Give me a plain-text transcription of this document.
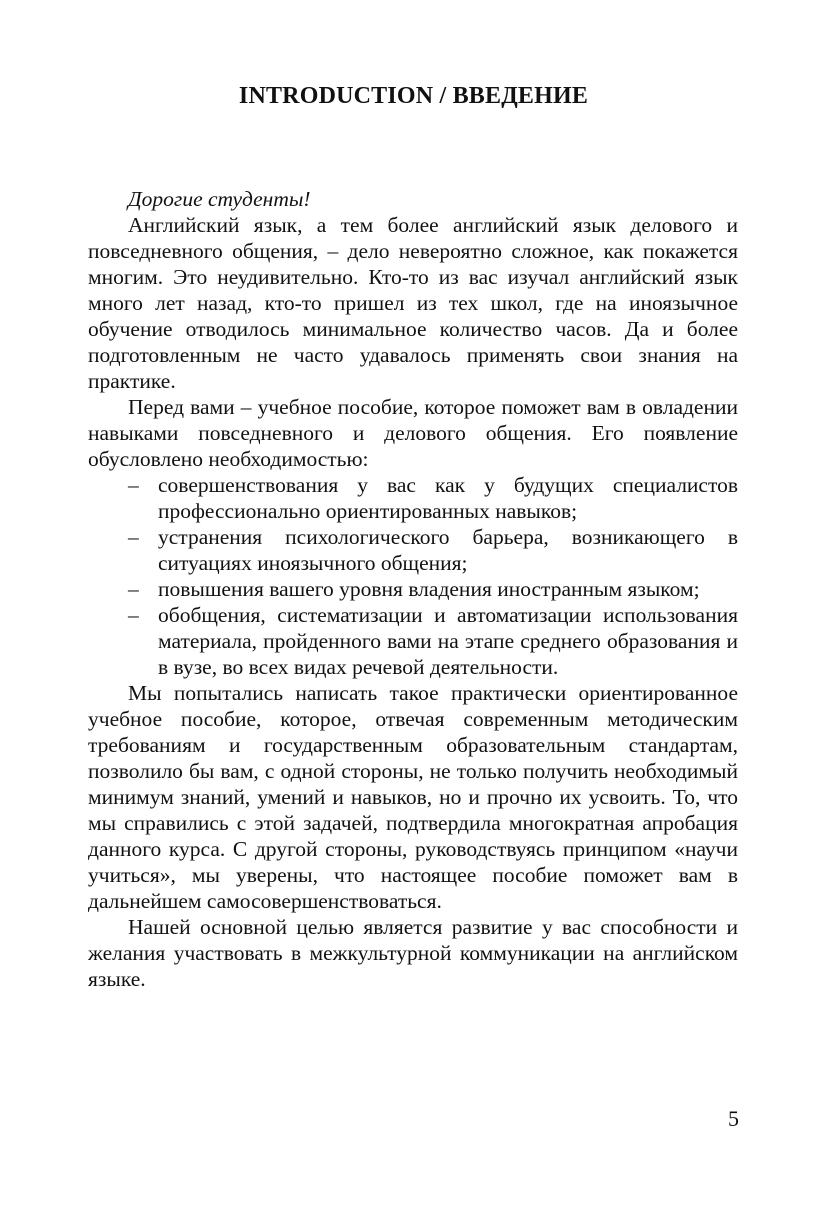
INTRODUCTION / ВВЕДЕНИЕ

Дорогие студенты!

Английский язык, а тем более английский язык делового и повседневного общения, – дело невероятно сложное, как покажется многим. Это неудивительно. Кто-то из вас изучал английский язык много лет назад, кто-то пришел из тех школ, где на иноязычное обучение отводилось минимальное количество часов. Да и более подготовленным не часто удавалось применять свои знания на практике.

Перед вами – учебное пособие, которое поможет вам в овладении навыками повседневного и делового общения. Его появление обусловлено необходимостью:

– совершенствования у вас как у будущих специалистов профессионально ориентированных навыков;
– устранения психологического барьера, возникающего в ситуациях иноязычного общения;
– повышения вашего уровня владения иностранным языком;
– обобщения, систематизации и автоматизации использования материала, пройденного вами на этапе среднего образования и в вузе, во всех видах речевой деятельности.

Мы попытались написать такое практически ориентированное учебное пособие, которое, отвечая современным методическим требованиям и государственным образовательным стандартам, позволило бы вам, с одной стороны, не только получить необходимый минимум знаний, умений и навыков, но и прочно их усвоить. То, что мы справились с этой задачей, подтвердила многократная апробация данного курса. С другой стороны, руководствуясь принципом «научи учиться», мы уверены, что настоящее пособие поможет вам в дальнейшем самосовершенствоваться.

Нашей основной целью является развитие у вас способности и желания участвовать в межкультурной коммуникации на английском языке.

5
